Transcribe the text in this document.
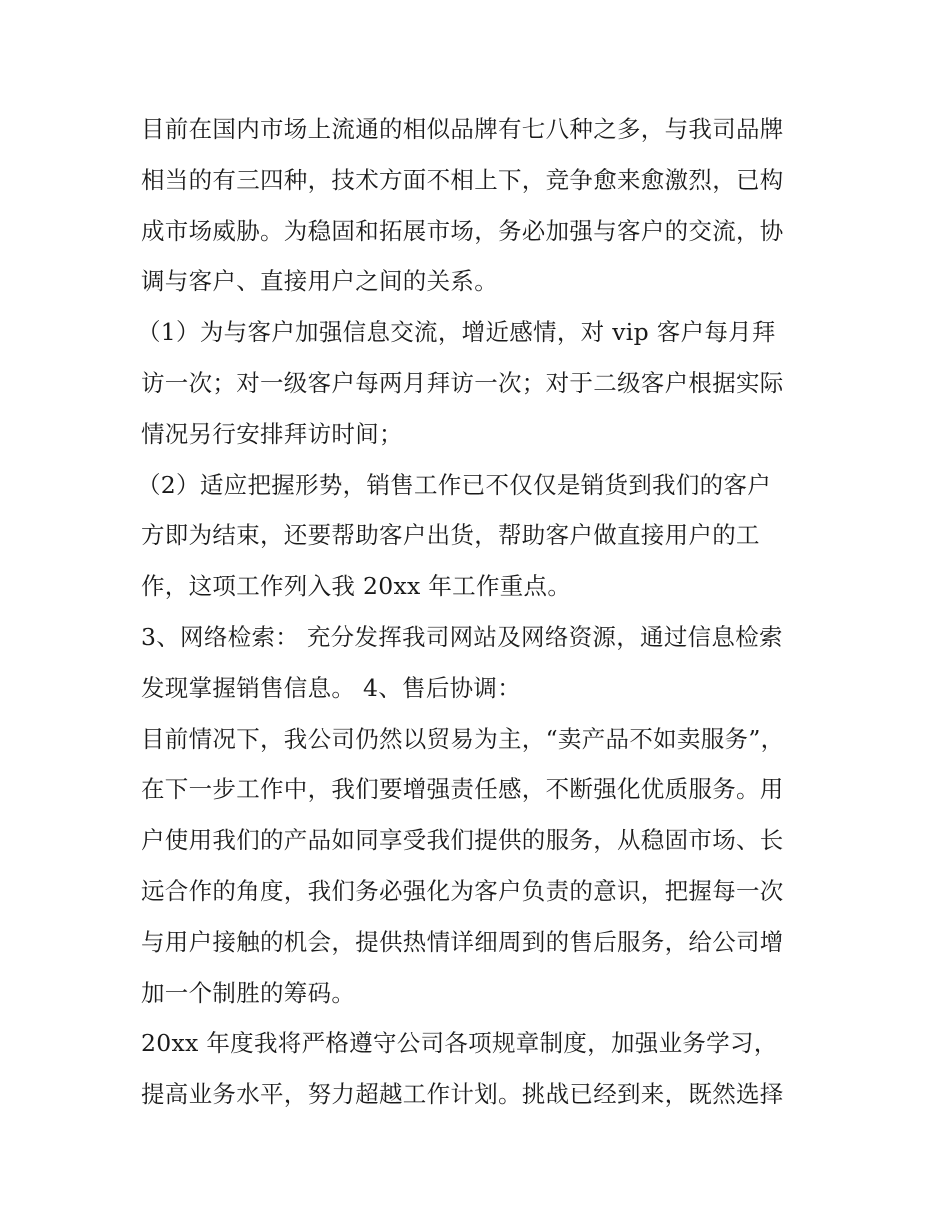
目前在国内市场上流通的相似品牌有七八种之多，与我司品牌
相当的有三四种，技术方面不相上下，竞争愈来愈激烈，已构
成市场威胁。为稳固和拓展市场，务必加强与客户的交流，协
调与客户、直接用户之间的关系。
（1）为与客户加强信息交流，增近感情，对 vip 客户每月拜
访一次；对一级客户每两月拜访一次；对于二级客户根据实际
情况另行安排拜访时间；
（2）适应把握形势，销售工作已不仅仅是销货到我们的客户
方即为结束，还要帮助客户出货，帮助客户做直接用户的工
作，这项工作列入我 20xx 年工作重点。
3、网络检索： 充分发挥我司网站及网络资源，通过信息检索
发现掌握销售信息。 4、售后协调：
目前情况下，我公司仍然以贸易为主，“卖产品不如卖服务”，
在下一步工作中，我们要增强责任感，不断强化优质服务。用
户使用我们的产品如同享受我们提供的服务，从稳固市场、长
远合作的角度，我们务必强化为客户负责的意识，把握每一次
与用户接触的机会，提供热情详细周到的售后服务，给公司增
加一个制胜的筹码。
20xx 年度我将严格遵守公司各项规章制度，加强业务学习，
提高业务水平，努力超越工作计划。挑战已经到来，既然选择
